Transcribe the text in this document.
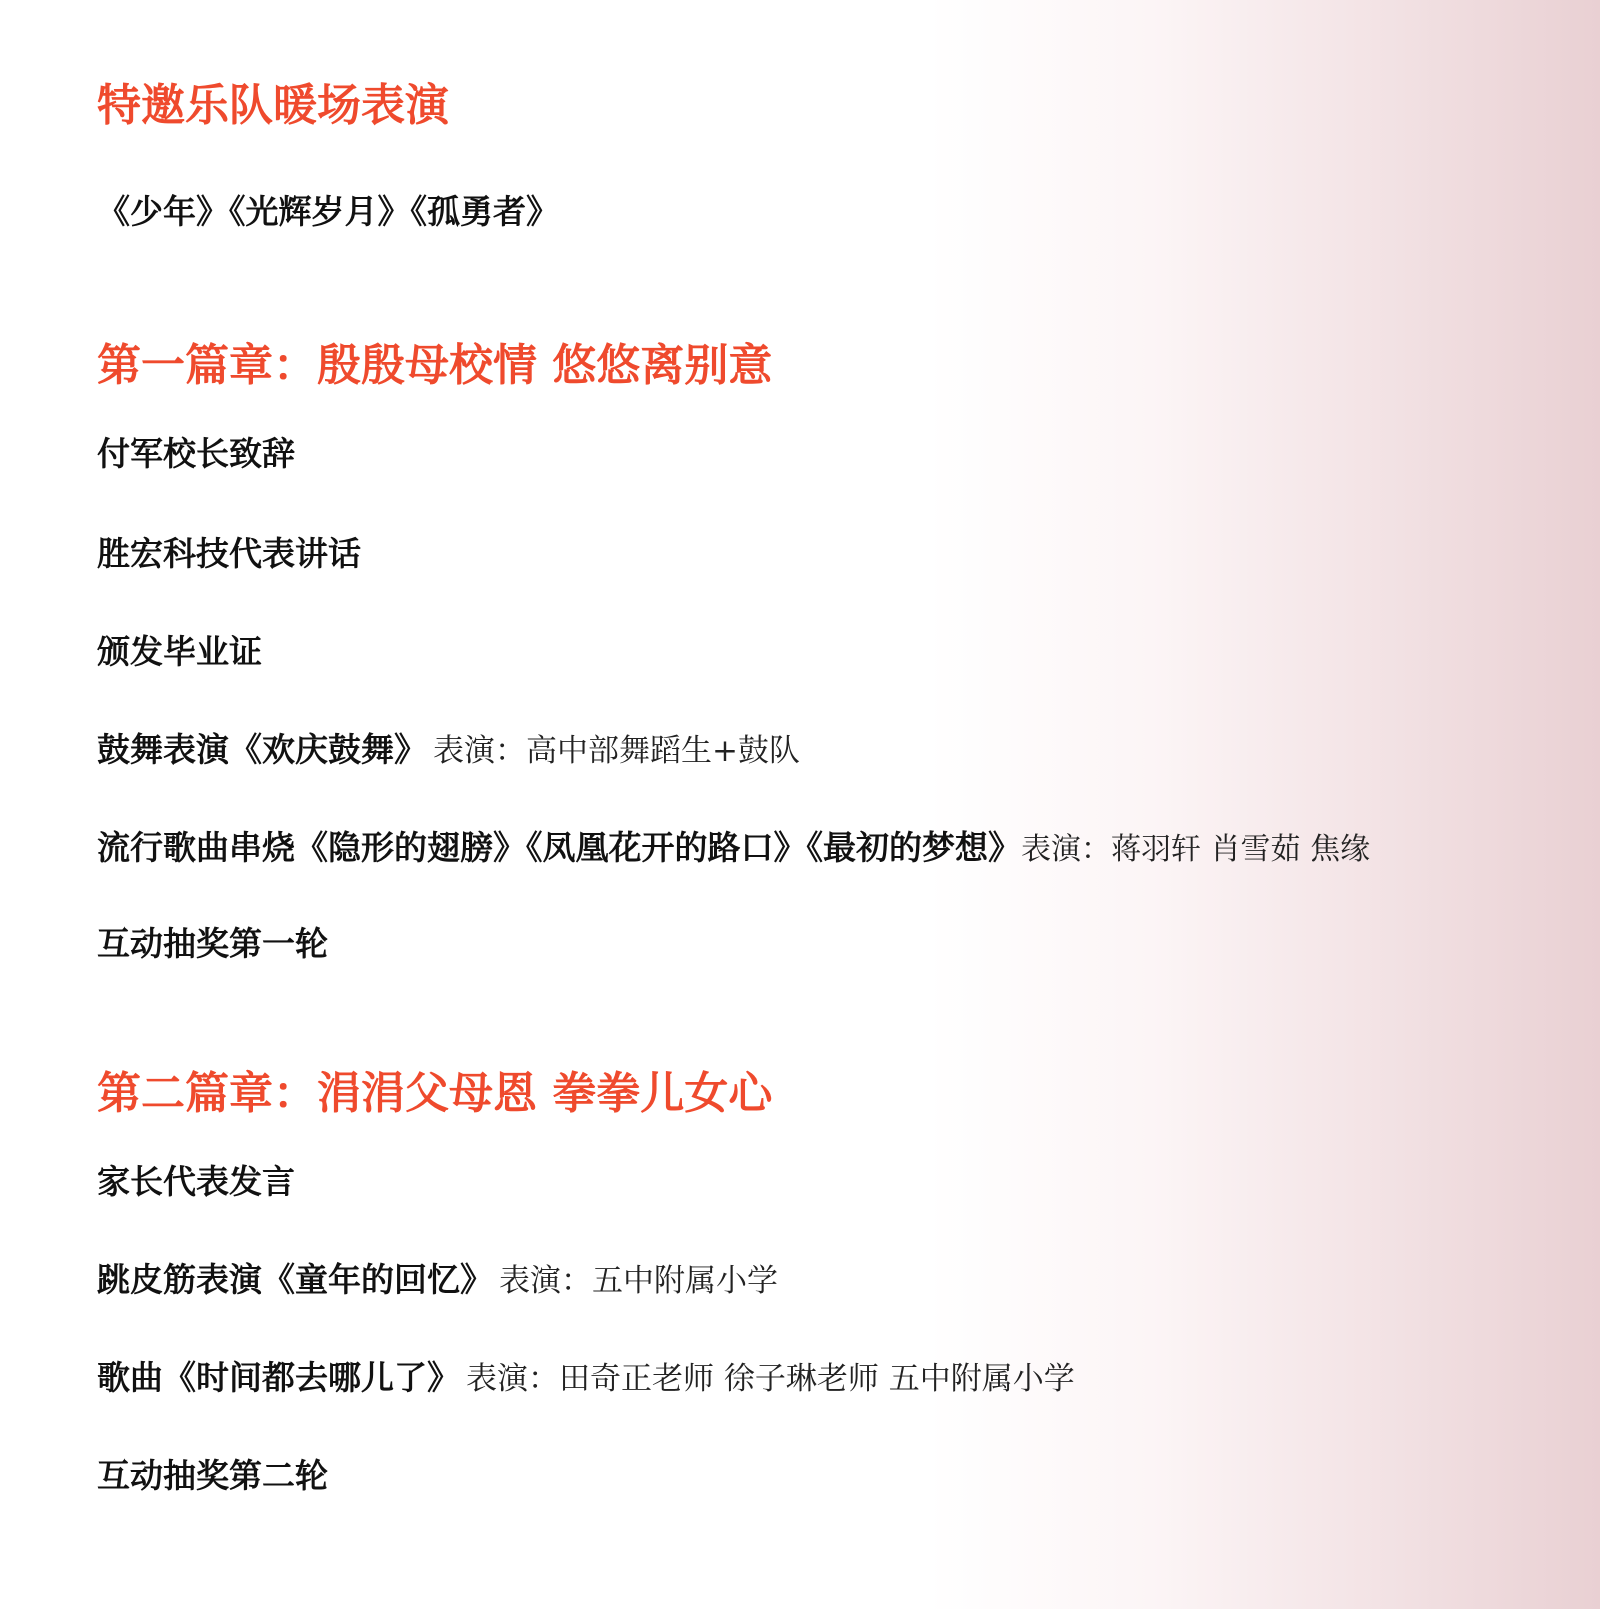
特邀乐队暖场表演

《少年》《光辉岁月》《孤勇者》

第一篇章：殷殷母校情 悠悠离别意

付军校长致辞

胜宏科技代表讲话

颁发毕业证

鼓舞表演《欢庆鼓舞》 表演：高中部舞蹈生+鼓队

流行歌曲串烧《隐形的翅膀》《凤凰花开的路口》《最初的梦想》表演：蒋羽轩 肖雪茹 焦缘

互动抽奖第一轮

第二篇章：涓涓父母恩 拳拳儿女心

家长代表发言

跳皮筋表演《童年的回忆》 表演：五中附属小学

歌曲《时间都去哪儿了》 表演：田奇正老师 徐子琳老师 五中附属小学

互动抽奖第二轮
